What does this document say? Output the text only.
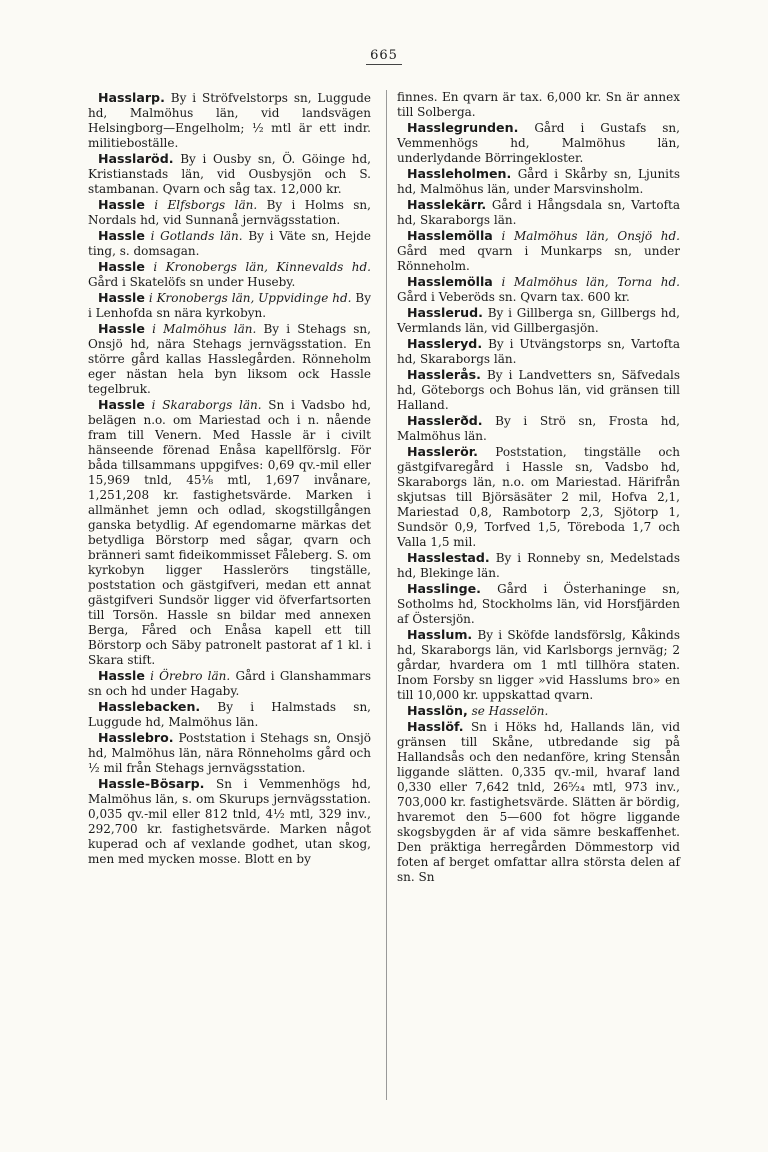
665

Hasslarp. By i Ströfvelstorps sn, Luggude hd, Malmöhus län, vid landsvägen Helsingborg—Engelholm; ½ mtl är ett indr. militieboställe.

Hasslaröd. By i Ousby sn, Ö. Göinge hd, Kristianstads län, vid Ousbysjön och S. stambanan. Qvarn och såg tax. 12,000 kr.

Hassle i Elfsborgs län. By i Holms sn, Nordals hd, vid Sunnanå jernvägsstation.

Hassle i Gotlands län. By i Väte sn, Hejde ting, s. domsagan.

Hassle i Kronobergs län, Kinnevalds hd. Gård i Skatelöfs sn under Huseby.

Hassle i Kronobergs län, Uppvidinge hd. By i Lenhofda sn nära kyrkobyn.

Hassle i Malmöhus län. By i Stehags sn, Onsjö hd, nära Stehags jernvägsstation. En större gård kallas Hasslegården. Rönneholm eger nästan hela byn liksom ock Hassle tegelbruk.

Hassle i Skaraborgs län. Sn i Vadsbo hd, belägen n.o. om Mariestad och i n. nående fram till Venern. Med Hassle är i civilt hänseende förenad Enåsa kapellförslg. För båda tillsammans uppgifves: 0,69 qv.-mil eller 15,969 tnld, 45⅛ mtl, 1,697 invånare, 1,251,208 kr. fastighetsvärde. Marken i allmänhet jemn och odlad, skogstillgången ganska betydlig. Af egendomarne märkas det betydliga Börstorp med sågar, qvarn och bränneri samt fideikommisset Fåleberg. S. om kyrkobyn ligger Hasslerörs tingställe, poststation och gästgifveri, medan ett annat gästgifveri Sundsör ligger vid öfverfartsorten till Torsön. Hassle sn bildar med annexen Berga, Fåred och Enåsa kapell ett till Börstorp och Säby patronelt pastorat af 1 kl. i Skara stift.

Hassle i Örebro län. Gård i Glanshammars sn och hd under Hagaby.

Hasslebacken. By i Halmstads sn, Luggude hd, Malmöhus län.

Hasslebro. Poststation i Stehags sn, Onsjö hd, Malmöhus län, nära Rönneholms gård och ½ mil från Stehags jernvägsstation.

Hassle-Bösarp. Sn i Vemmenhögs hd, Malmöhus län, s. om Skurups jernvägsstation. 0,035 qv.-mil eller 812 tnld, 4½ mtl, 329 inv., 292,700 kr. fastighetsvärde. Marken något kuperad och af vexlande godhet, utan skog, men med mycken mosse. Blott en by

finnes. En qvarn är tax. 6,000 kr. Sn är annex till Solberga.

Hasslegrunden. Gård i Gustafs sn, Vemmenhögs hd, Malmöhus län, underlydande Börringekloster.

Hassleholmen. Gård i Skårby sn, Ljunits hd, Malmöhus län, under Marsvinsholm.

Hasslekärr. Gård i Hångsdala sn, Vartofta hd, Skaraborgs län.

Hasslemölla i Malmöhus län, Onsjö hd. Gård med qvarn i Munkarps sn, under Rönneholm.

Hasslemölla i Malmöhus län, Torna hd. Gård i Veberöds sn. Qvarn tax. 600 kr.

Hasslerud. By i Gillberga sn, Gillbergs hd, Vermlands län, vid Gillbergasjön.

Hassleryd. By i Utvängstorps sn, Vartofta hd, Skaraborgs län.

Hasslerås. By i Landvetters sn, Säfvedals hd, Göteborgs och Bohus län, vid gränsen till Halland.

Hasslerðd. By i Strö sn, Frosta hd, Malmöhus län.

Hasslerör. Poststation, tingställe och gästgifvaregård i Hassle sn, Vadsbo hd, Skaraborgs län, n.o. om Mariestad. Härifrån skjutsas till Björsäsäter 2 mil, Hofva 2,1, Mariestad 0,8, Rambotorp 2,3, Sjötorp 1, Sundsör 0,9, Torfved 1,5, Töreboda 1,7 och Valla 1,5 mil.

Hasslestad. By i Ronneby sn, Medelstads hd, Blekinge län.

Hasslinge. Gård i Österhaninge sn, Sotholms hd, Stockholms län, vid Horsfjärden af Östersjön.

Hasslum. By i Sköfde landsförslg, Kåkinds hd, Skaraborgs län, vid Karlsborgs jernväg; 2 gårdar, hvardera om 1 mtl tillhöra staten. Inom Forsby sn ligger »vid Hasslums bro» en till 10,000 kr. uppskattad qvarn.

Hasslön, se Hasselön.

Hasslöf. Sn i Höks hd, Hallands län, vid gränsen till Skåne, utbredande sig på Hallandsås och den nedanföre, kring Stensån liggande slätten. 0,335 qv.-mil, hvaraf land 0,330 eller 7,642 tnld, 26⁵⁄₂₄ mtl, 973 inv., 703,000 kr. fastighetsvärde. Slätten är bördig, hvaremot den 5—600 fot högre liggande skogsbygden är af vida sämre beskaffenhet. Den präktiga herregården Dömmestorp vid foten af berget omfattar allra största delen af sn. Sn
